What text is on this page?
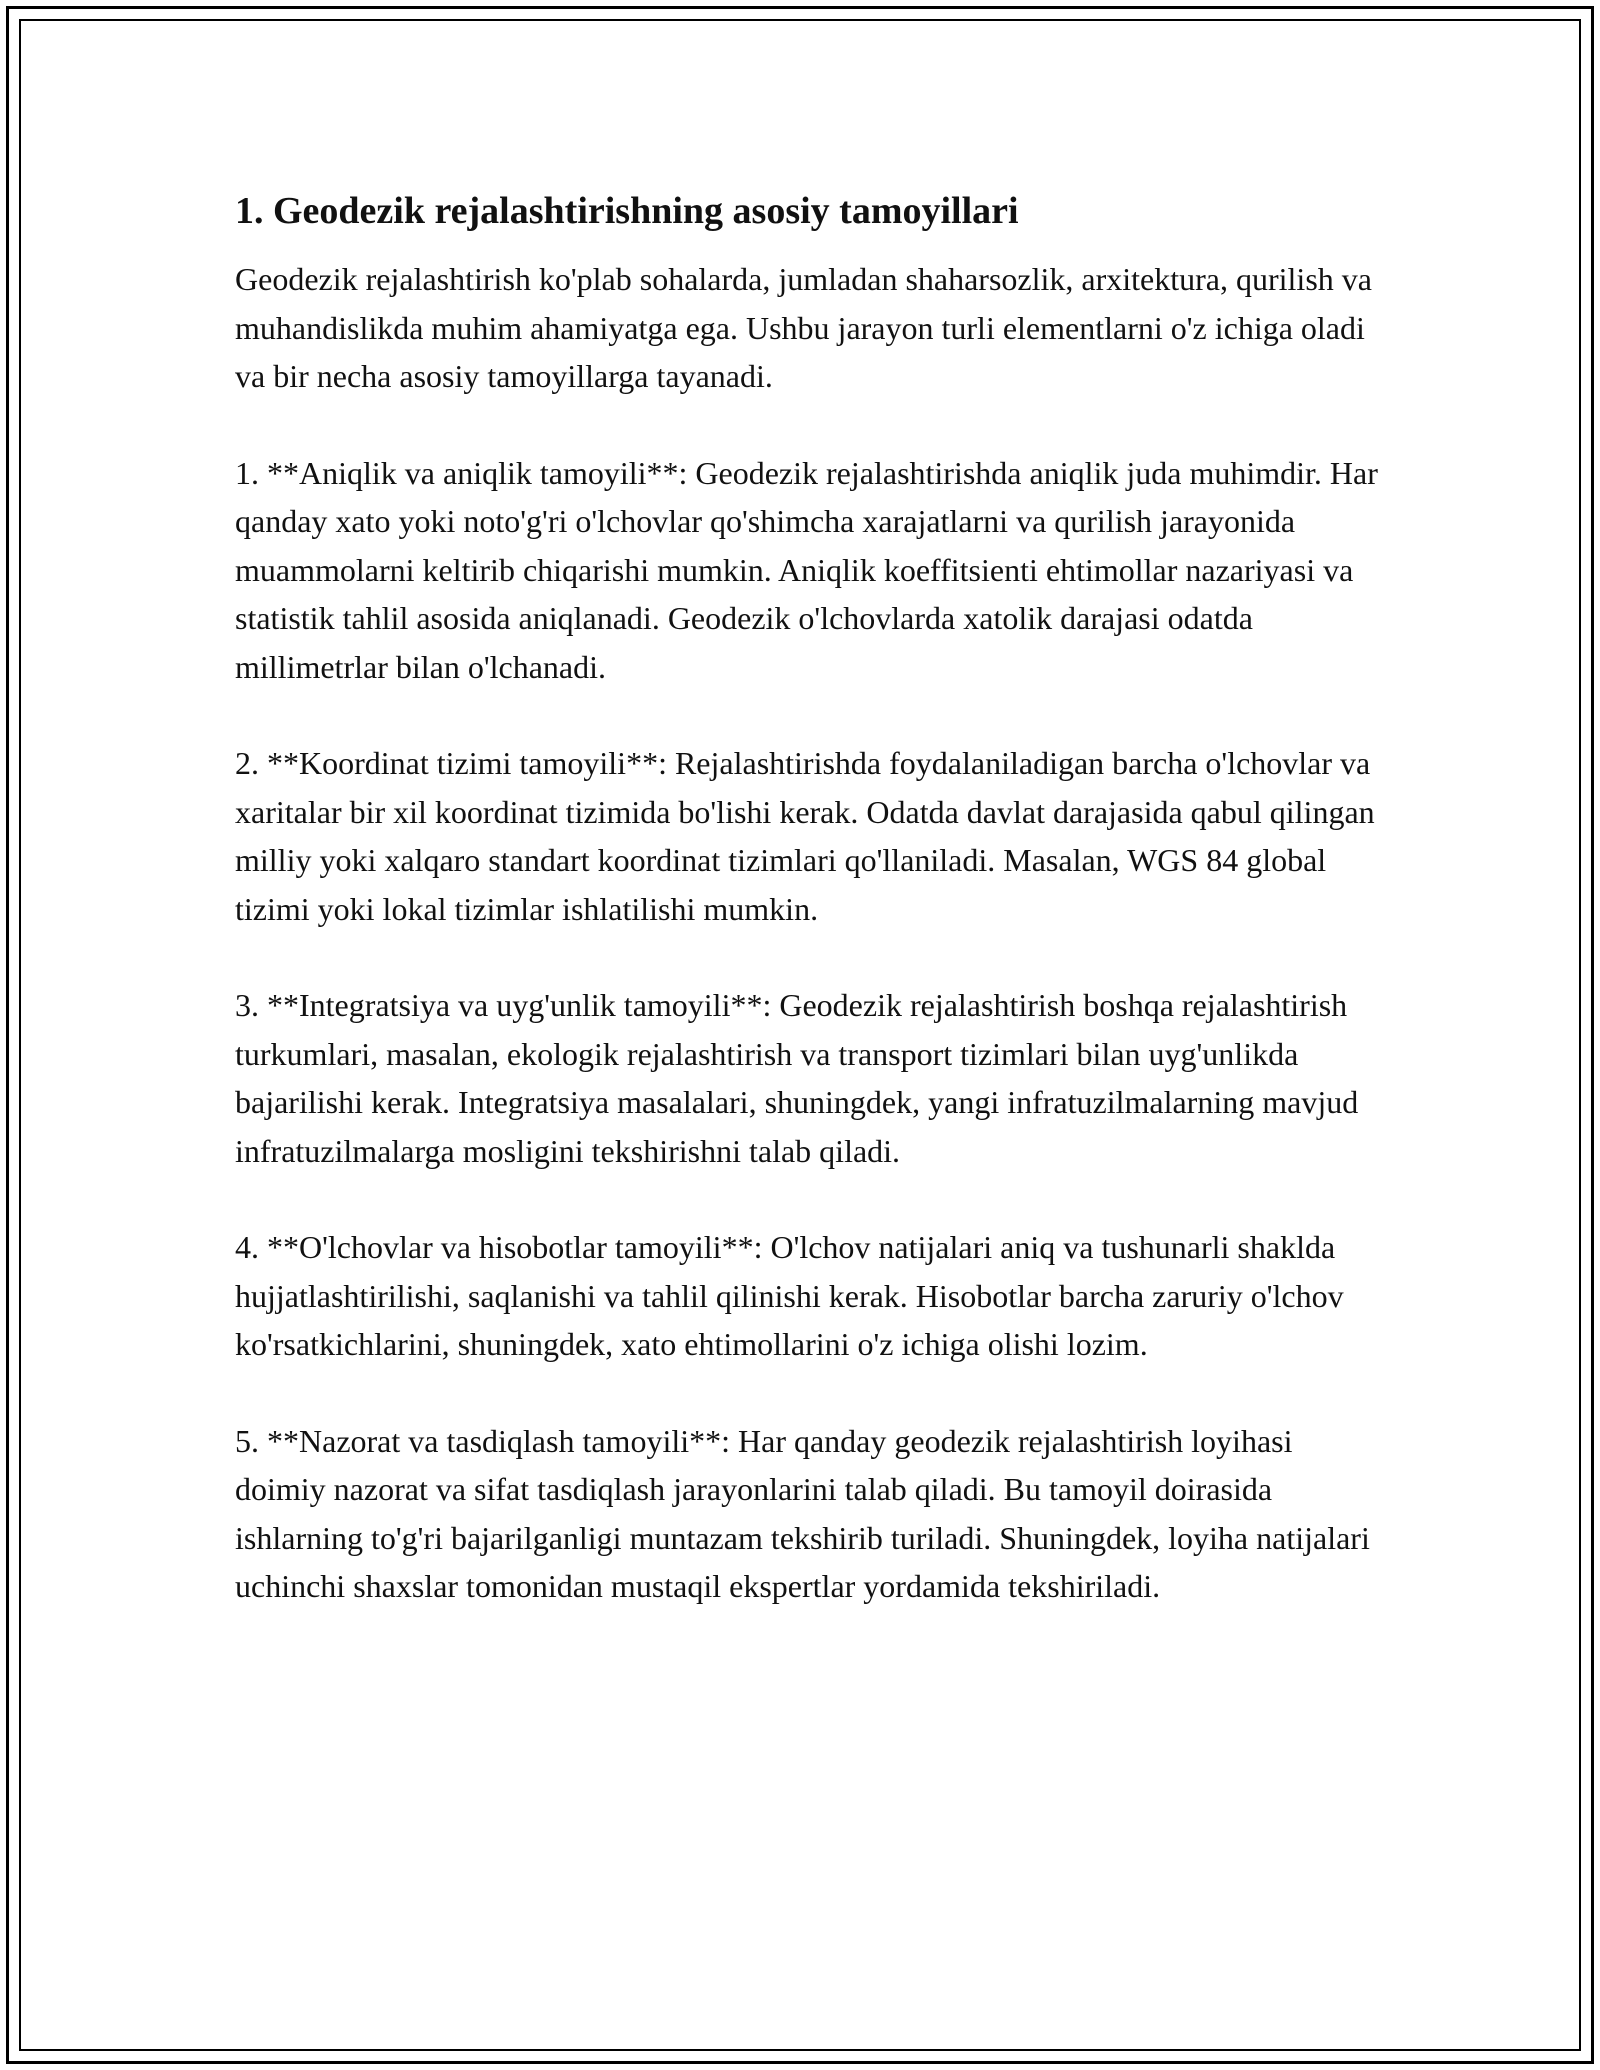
1. Geodezik rejalashtirishning asosiy tamoyillari

Geodezik rejalashtirish ko'plab sohalarda, jumladan shaharsozlik, arxitektura, qurilish va muhandislikda muhim ahamiyatga ega. Ushbu jarayon turli elementlarni o'z ichiga oladi va bir necha asosiy tamoyillarga tayanadi.

1. **Aniqlik va aniqlik tamoyili**: Geodezik rejalashtirishda aniqlik juda muhimdir. Har qanday xato yoki noto'g'ri o'lchovlar qo'shimcha xarajatlarni va qurilish jarayonida muammolarni keltirib chiqarishi mumkin. Aniqlik koeffitsienti ehtimollar nazariyasi va statistik tahlil asosida aniqlanadi. Geodezik o'lchovlarda xatolik darajasi odatda millimetrlar bilan o'lchanadi.

2. **Koordinat tizimi tamoyili**: Rejalashtirishda foydalaniladigan barcha o'lchovlar va xaritalar bir xil koordinat tizimida bo'lishi kerak. Odatda davlat darajasida qabul qilingan milliy yoki xalqaro standart koordinat tizimlari qo'llaniladi. Masalan, WGS 84 global tizimi yoki lokal tizimlar ishlatilishi mumkin.

3. **Integratsiya va uyg'unlik tamoyili**: Geodezik rejalashtirish boshqa rejalashtirish turkumlari, masalan, ekologik rejalashtirish va transport tizimlari bilan uyg'unlikda bajarilishi kerak. Integratsiya masalalari, shuningdek, yangi infratuzilmalarning mavjud infratuzilmalarga mosligini tekshirishni talab qiladi.

4. **O'lchovlar va hisobotlar tamoyili**: O'lchov natijalari aniq va tushunarli shaklda hujjatlashtirilishi, saqlanishi va tahlil qilinishi kerak. Hisobotlar barcha zaruriy o'lchov ko'rsatkichlarini, shuningdek, xato ehtimollarini o'z ichiga olishi lozim.

5. **Nazorat va tasdiqlash tamoyili**: Har qanday geodezik rejalashtirish loyihasi doimiy nazorat va sifat tasdiqlash jarayonlarini talab qiladi. Bu tamoyil doirasida ishlarning to'g'ri bajarilganligi muntazam tekshirib turiladi. Shuningdek, loyiha natijalari uchinchi shaxslar tomonidan mustaqil ekspertlar yordamida tekshiriladi.
